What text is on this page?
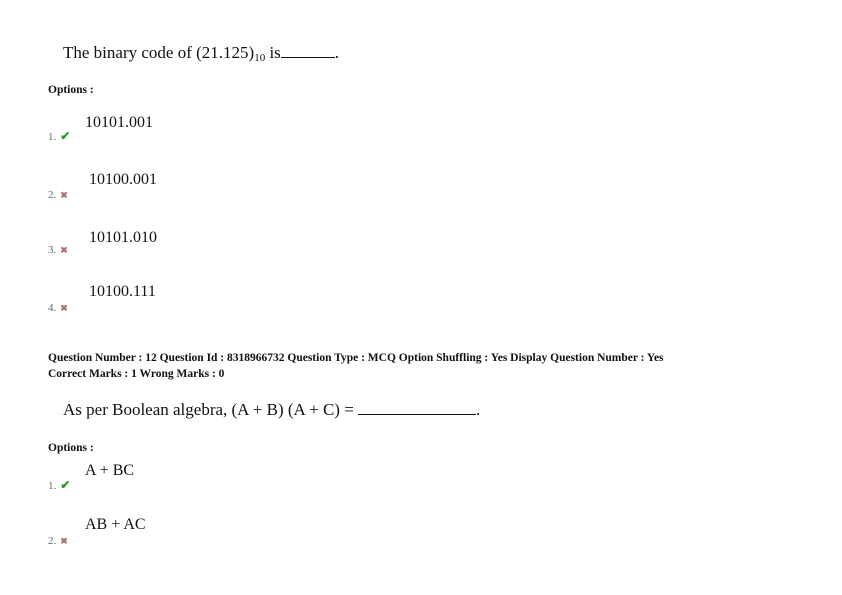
The binary code of $(21.125)_{10}$ is	.
Options :
1. ✔
10101.001
2. ✖
10100.001
3. ✖
10101.010
4. ✖
10100.111
Question Number : 12 Question Id : 8318966732 Question Type : MCQ Option Shuffling : Yes Display Question Number : Yes
Correct Marks : 1 Wrong Marks : 0
As per Boolean algebra, (A + B) (A + C) =	.
Options :
1. ✔
A + BC
2. ✖
AB + AC
